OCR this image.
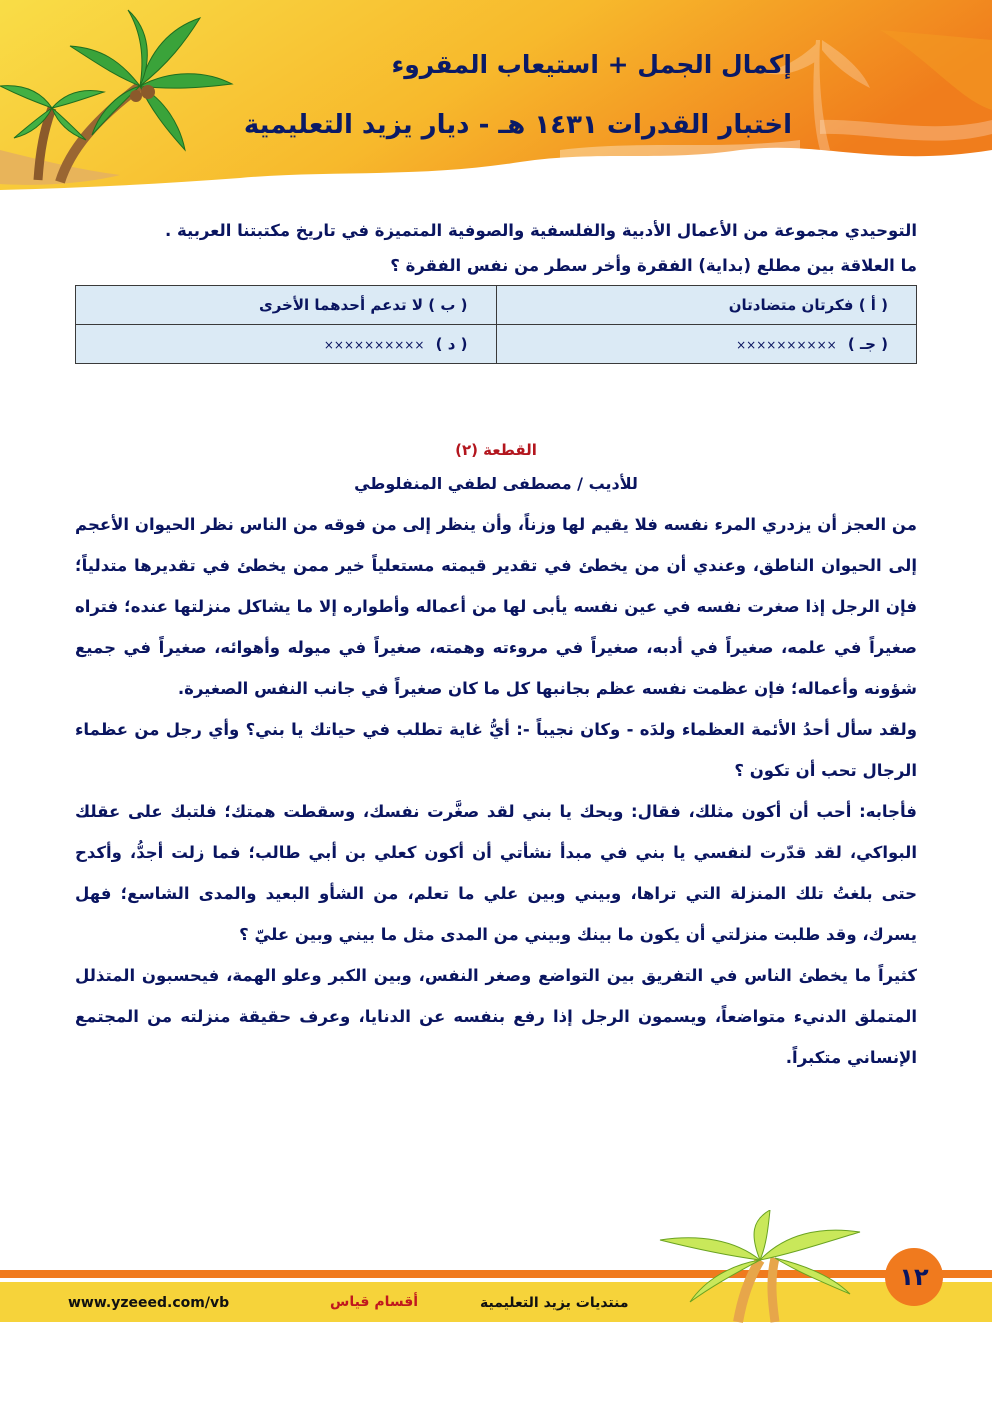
إكمال الجمل + استيعاب المقروء
اختبار القدرات ١٤٣١ هـ - ديار يزيد التعليمية

التوحيدي مجموعة من الأعمال الأدبية والفلسفية والصوفية المتميزة في تاريخ مكتبتنا العربية .

ما العلاقة بين مطلع (بداية) الفقرة وأخر سطر من نفس الفقرة ؟

( أ ) فكرتان متضادتان	( ب ) لا تدعم أحدهما الأخرى
( جـ ) ××××××××××	( د ) ××××××××××
القطعة (٢)
للأديب / مصطفى لطفي المنفلوطي

من العجز أن يزدري المرء نفسه فلا يقيم لها وزناً، وأن ينظر إلى من فوقه من الناس نظر الحيوان الأعجم إلى الحيوان الناطق، وعندي أن من يخطئ في تقدير قيمته مستعلياً خير ممن يخطئ في تقديرها متدلياً؛ فإن الرجل إذا صغرت نفسه في عين نفسه يأبى لها من أعماله وأطواره إلا ما يشاكل منزلتها عنده؛ فتراه صغيراً في علمه، صغيراً في أدبه، صغيراً في مروءته وهمته، صغيراً في ميوله وأهوائه، صغيراً في جميع شؤونه وأعماله؛ فإن عظمت نفسه عظم بجانبها كل ما كان صغيراً في جانب النفس الصغيرة.

ولقد سأل أحدُ الأئمة العظماء ولدَه - وكان نجيباً -: أيُّ غاية تطلب في حياتك يا بني؟ وأي رجل من عظماء الرجال تحب أن تكون ؟

فأجابه: أحب أن أكون مثلك، فقال: ويحك يا بني لقد صغَّرت نفسك، وسقطت همتك؛ فلتبك على عقلك البواكي، لقد قدّرت لنفسي يا بني في مبدأ نشأتي أن أكون كعلي بن أبي طالب؛ فما زلت أجدُّ، وأكدح حتى بلغتُ تلك المنزلة التي تراها، وبيني وبين علي ما تعلم، من الشأو البعيد والمدى الشاسع؛ فهل يسرك، وقد طلبت منزلتي أن يكون ما بينك وبيني من المدى مثل ما بيني وبين عليّ ؟

كثيراً ما يخطئ الناس في التفريق بين التواضع وصغر النفس، وبين الكبر وعلو الهمة، فيحسبون المتذلل المتملق الدنيء متواضعاً، ويسمون الرجل إذا رفع بنفسه عن الدنايا، وعرف حقيقة منزلته من المجتمع الإنساني متكبراً.

١٢
منتديات يزيد التعليمية
أقسام قياس
www.yzeeed.com/vb
